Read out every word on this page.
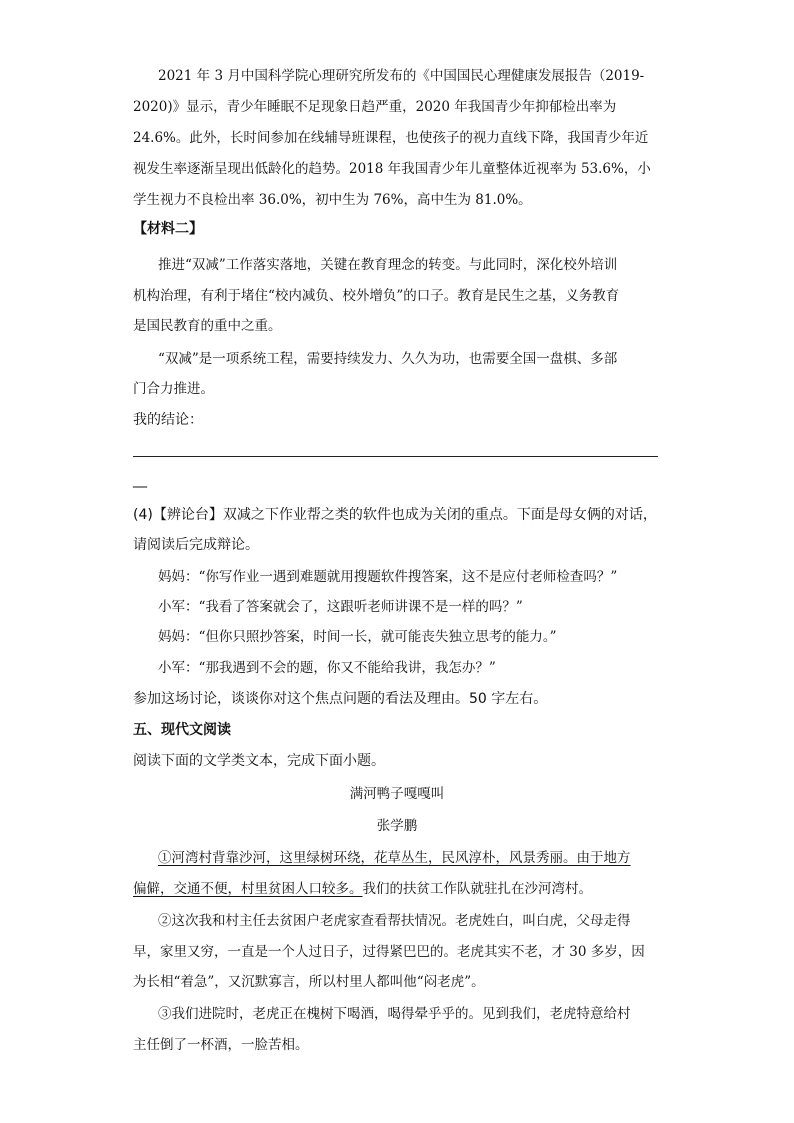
2021 年 3 月中国科学院心理研究所发布的《中国国民心理健康发展报告（2019-
2020)》显示，青少年睡眠不足现象日趋严重，2020 年我国青少年抑郁检出率为
24.6%。此外，长时间参加在线辅导班课程，也使孩子的视力直线下降，我国青少年近
视发生率逐渐呈现出低龄化的趋势。2018 年我国青少年儿童整体近视率为 53.6%，小
学生视力不良检出率 36.0%，初中生为 76%，高中生为 81.0%。
【材料二】
推进“双减”工作落实落地，关键在教育理念的转变。与此同时，深化校外培训
机构治理，有利于堵住“校内减负、校外增负”的口子。教育是民生之基，义务教育
是国民教育的重中之重。
“双减”是一项系统工程，需要持续发力、久久为功，也需要全国一盘棋、多部
门合力推进。
我的结论：
__
(4)【辨论台】双减之下作业帮之类的软件也成为关闭的重点。下面是母女俩的对话，
请阅读后完成辩论。
妈妈：“你写作业一遇到难题就用搜题软件搜答案，这不是应付老师检查吗？”
小军：“我看了答案就会了，这跟听老师讲课不是一样的吗？”
妈妈：“但你只照抄答案，时间一长，就可能丧失独立思考的能力。”
小军：“那我遇到不会的题，你又不能给我讲，我怎办？”
参加这场讨论，谈谈你对这个焦点问题的看法及理由。50 字左右。
五、现代文阅读
阅读下面的文学类文本，完成下面小题。
满河鸭子嘎嘎叫
张学鹏
①河湾村背靠沙河，这里绿树环绕，花草丛生，民风淳朴，风景秀丽。由于地方
偏僻，交通不便，村里贫困人口较多。我们的扶贫工作队就驻扎在沙河湾村。
②这次我和村主任去贫困户老虎家查看帮扶情况。老虎姓白，叫白虎，父母走得
早，家里又穷，一直是一个人过日子，过得紧巴巴的。老虎其实不老，才 30 多岁，因
为长相“着急”，又沉默寡言，所以村里人都叫他“闷老虎”。
③我们进院时，老虎正在槐树下喝酒，喝得晕乎乎的。见到我们，老虎特意给村
主任倒了一杯酒，一脸苦相。
